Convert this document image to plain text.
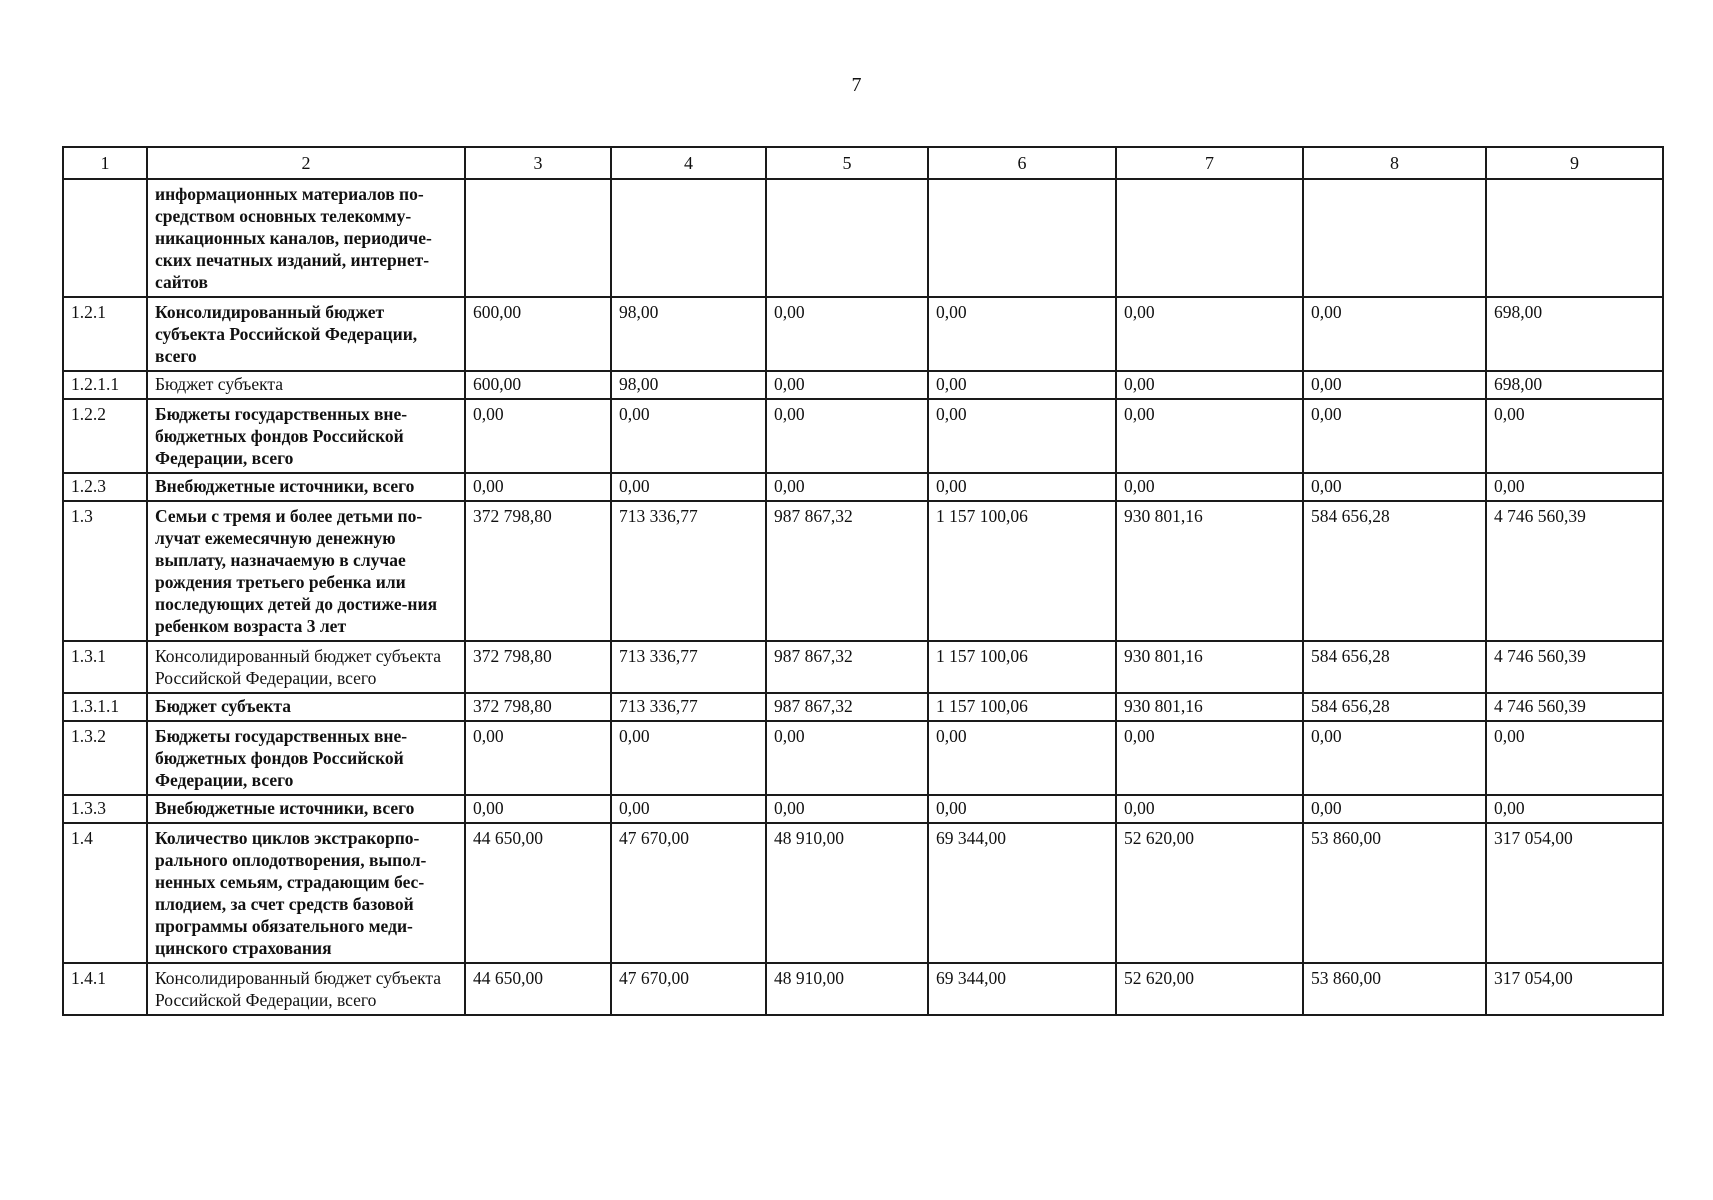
7
1	2	3	4	5	6	7	8	9
	информационных материалов по-средством основных телекомму-никационных каналов, периодиче-ских печатных изданий, интернет-сайтов							
1.2.1	Консолидированный бюджет субъекта Российской Федерации, всего	600,00	98,00	0,00	0,00	0,00	0,00	698,00
1.2.1.1	Бюджет субъекта	600,00	98,00	0,00	0,00	0,00	0,00	698,00
1.2.2	Бюджеты государственных вне-бюджетных фондов Российской Федерации, всего	0,00	0,00	0,00	0,00	0,00	0,00	0,00
1.2.3	Внебюджетные источники, всего	0,00	0,00	0,00	0,00	0,00	0,00	0,00
1.3	Семьи с тремя и более детьми по-лучат ежемесячную денежную выплату, назначаемую в случае рождения третьего ребенка или последующих детей до достиже-ния ребенком возраста 3 лет	372 798,80	713 336,77	987 867,32	1 157 100,06	930 801,16	584 656,28	4 746 560,39
1.3.1	Консолидированный бюджет субъекта Российской Федерации, всего	372 798,80	713 336,77	987 867,32	1 157 100,06	930 801,16	584 656,28	4 746 560,39
1.3.1.1	Бюджет субъекта	372 798,80	713 336,77	987 867,32	1 157 100,06	930 801,16	584 656,28	4 746 560,39
1.3.2	Бюджеты государственных вне-бюджетных фондов Российской Федерации, всего	0,00	0,00	0,00	0,00	0,00	0,00	0,00
1.3.3	Внебюджетные источники, всего	0,00	0,00	0,00	0,00	0,00	0,00	0,00
1.4	Количество циклов экстракорпо-рального оплодотворения, выпол-ненных семьям, страдающим бес-плодием, за счет средств базовой программы обязательного меди-цинского страхования	44 650,00	47 670,00	48 910,00	69 344,00	52 620,00	53 860,00	317 054,00
1.4.1	Консолидированный бюджет субъекта Российской Федерации, всего	44 650,00	47 670,00	48 910,00	69 344,00	52 620,00	53 860,00	317 054,00
